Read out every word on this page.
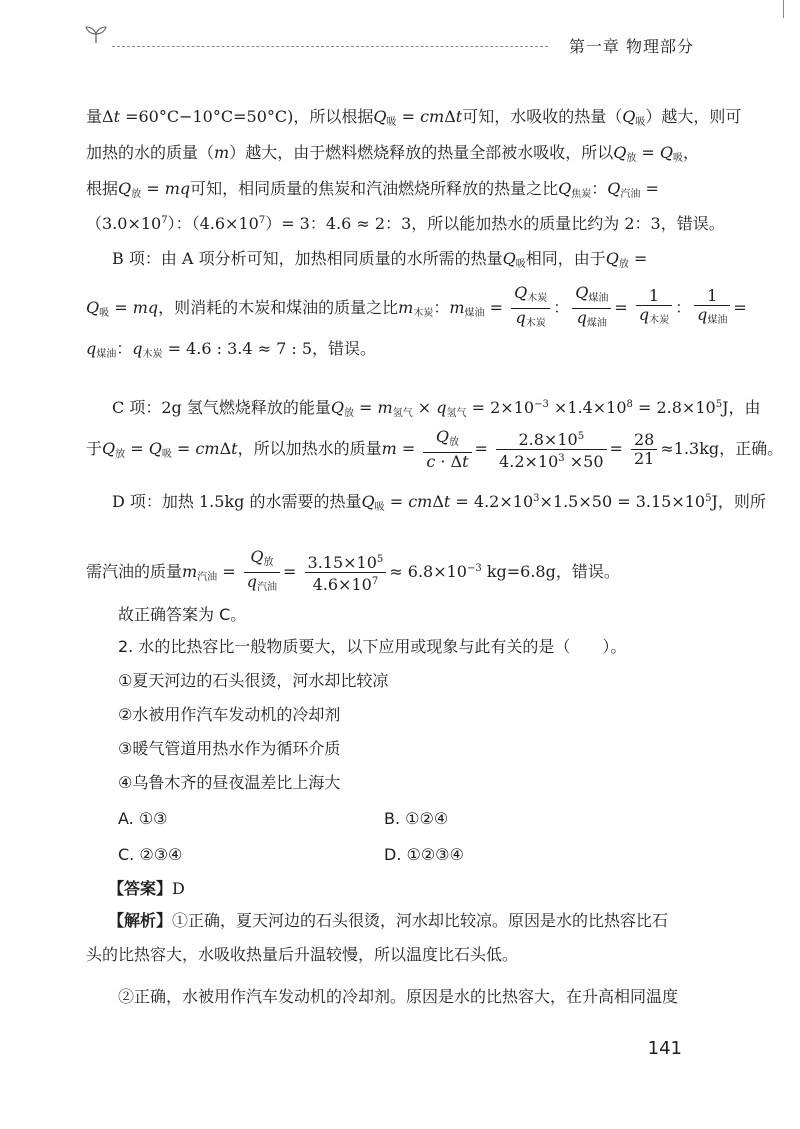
第一章 物理部分
量Δt =60°C−10°C=50°C)，所以根据$Q_吸 = cm\Delta t$可知，水吸收的热量$(Q_吸)$越大，则可
加热的水的质量（m）越大，由于燃料燃烧释放的热量全部被水吸收，所以$Q_放 = Q_吸$，
根据$Q_放$ = mq可知，相同质量的焦炭和汽油燃烧所释放的热量之比$Q_{焦炭}$：$Q_{汽油}$ =
$(3.0\times 10^7)$：$(4.6\times 10^7)= 3$：4.6 ≈ 2：3，所以能加热水的质量比约为 2：3，错误。
B 项：由 A 项分析可知，加热相同质量的水所需的热量$Q_吸$相同，由于$Q_放$ =
$Q_吸$ = mq，则消耗的木炭和煤油的质量之比$m_{木炭}$：$m_{煤油} = \frac{Q_{木炭}}{q_{木炭}}$ ： $\frac{Q_{煤油}}{q_{煤油}} = \frac{1}{q_{木炭}}$ ： $\frac{1}{q_{煤油}}$ =
$q_{煤油}$：$q_{木炭} = 4.6$ : 3.4 ≈ 7 : 5，错误。
C 项：2g 氢气燃烧释放的能量$Q_放 = m_{氢气} \times q_{氢气} = 2\times 10^{-3} \times 1.4\times 10^8 = 2.8\times 10^5J$，由
于$Q_放 = Q_吸 = cm\Delta t$，所以加热水的质量$m = \frac{Q_放}{c \cdot \Delta t} = \frac{2.8\times 10^5}{4.2\times 10^3 \times 50} = \frac{28}{21} \approx 1.3kg$，正确。
D 项：加热 1.5kg 的水需要的热量$Q_吸 = cm\Delta t = 4.2\times 10^3\times 1.5\times 50 = 3.15\times 10^5J$，则所
需汽油的质量$m_{汽油} = \frac{Q_放}{q_{汽油}} = \frac{3.15\times 10^5}{4.6\times 10^7} \approx 6.8\times 10^{-3}$ kg=6.8g，错误。
故正确答案为 C。
2. 水的比热容比一般物质要大，以下应用或现象与此有关的是（　　）。
①夏天河边的石头很烫，河水却比较凉
②水被用作汽车发动机的冷却剂
③暖气管道用热水作为循环介质
④乌鲁木齐的昼夜温差比上海大
A. ①③	B. ①②④
C. ②③④	D. ①②③④
【答案】D
【解析】①正确，夏天河边的石头很烫，河水却比较凉。原因是水的比热容比石
头的比热容大，水吸收热量后升温较慢，所以温度比石头低。
②正确，水被用作汽车发动机的冷却剂。原因是水的比热容大，在升高相同温度
141
